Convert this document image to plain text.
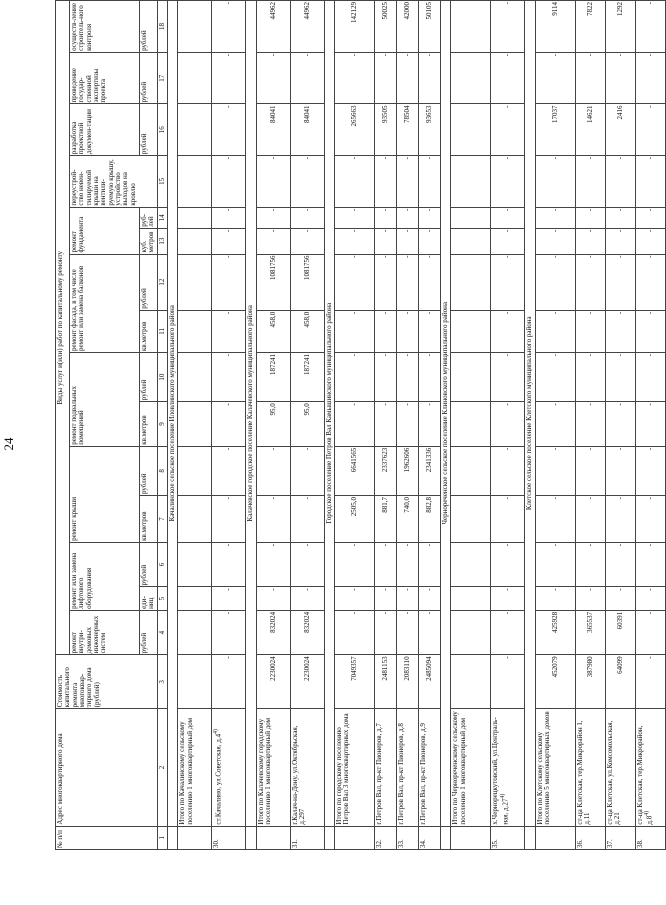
24
№ п/п	Адрес многоквартирного дома	Стоимость капитального ремонта многоквар-тирного дома (рублей)	Виды услуг и(или) работ по капитальному ремонту														
			ремонт внутри-домовых инженерных систем	ремонт или замена лифтового оборудования		ремонт крыши		ремонт подвальных помещений		ремонт фасада, в том числе ремонт или замена балконов		ремонт фундамента		переустрой-ство невен-тилируемой крыши на вентили-руемую крышу, устройство выходов на кровлю	разработка проектной докумен-тации	проведение государ-ственной экспертизы проекта	осуществ-ление строитель-ного контроля
			рублей	еди-ниц	рублей	кв.метров	рублей	кв.метров	рублей	кв.метров	рублей	куб. метров	руб-лей		рублей	рублей	рублей
1	2	3	4	5	6	7	8	9	10	11	12	13	14	15	16	17	18
	Качалинское сельское поселение Иловлинского муниципального района																
	Итого по Качалинскому сельскому поселению 1 многоквартирный дом																
30.	ст.Качалино, ул.Советская, д.4$^{4)}$	-	-	-	-	-	-	-	-	-	-	-	-	-	-	-	-
	Калачевское городское поселение Калачевского муниципального района																
	Итого по Калачевскому городскому поселению 1 многоквартирный дом	2230024	832024	-	-	-	-	95,0	187241	458,0	1081756	-	-	-	84041	-	44962
31.	г.Калач-на-Дону, ул.Октябрьская, д.297	2230024	832024	-	-	-	-	95,0	187241	458,0	1081756	-	-	-	84041	-	44962
	Городское поселение Петров Вал Камышинского муниципального района																
	Итого по городскому поселению Петров Вал 3 многоквартирных дома	7049357	-	-	-	2505,0	6641565	-	-	-	-	-	-	-	265663	-	142129
32.	г.Петров Вал, пр-кт Пионеров, д.7	2481153	-	-	-	881,7	2337623	-	-	-	-	-	-	-	93505	-	50025
33.	г.Петров Вал, пр-кт Пионеров, д.8	2083110	-	-	-	740,0	1962606	-	-	-	-	-	-	-	78504	-	42000
34.	г.Петров Вал, пр-кт Пионеров, д.9	2485094	-	-	-	882,8	2341336	-	-	-	-	-	-	-	93653	-	50105
	Чернореченское сельское поселение Клиновского муниципального района																
	Итого по Чернореченскому сельскому поселению 1 многоквартирный дом																
35.	х.Чернорецкутовский, ул.Централь-ная, д.27$^{4)}$	-	-	-	-	-	-	-	-	-	-	-	-	-	-	-	-
	Клетское сельское поселение Клетского муниципального района																
	Итого по Клетскому сельскому поселению 5 многоквартирных домов	452079	425928	-	-	-	-	-	-	-	-	-	-	-	17037	-	9114
36.	ст-ца Клетская, тер.Микрорайон 1, д.11	387980	365537	-	-	-	-	-	-	-	-	-	-	-	14621	-	7822
37.	ст-ца Клетская, ул.Комсомольская, д.21	64099	60391	-	-	-	-	-	-	-	-	-	-	-	2416	-	1292
38.	ст-ца Клетская, тер.Микрорайон, д.8$^{4)}$	-	-	-	-	-	-	-	-	-	-	-	-	-	-	-	-
